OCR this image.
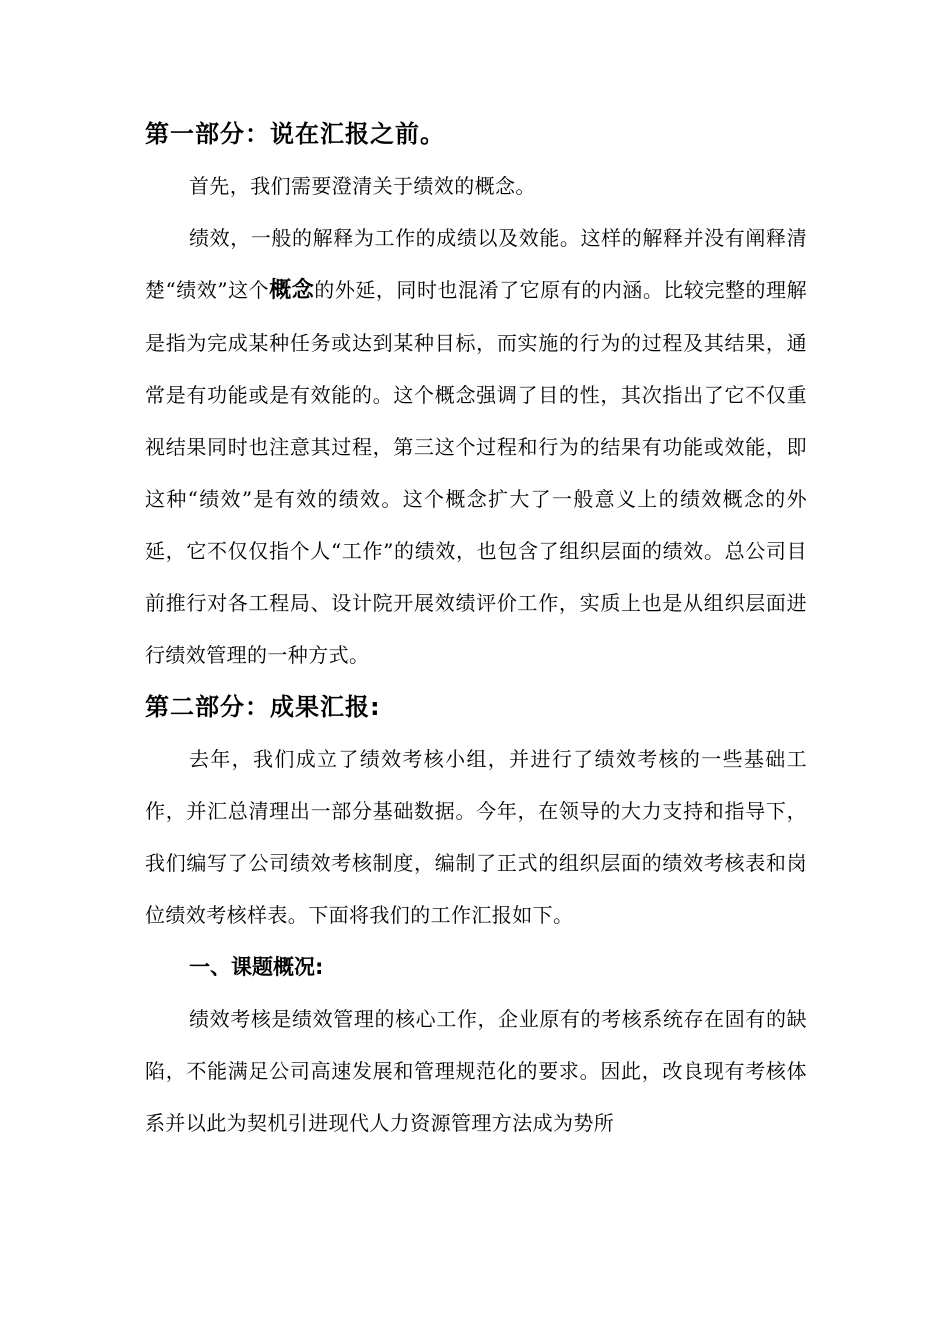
第一部分：说在汇报之前。

首先，我们需要澄清关于绩效的概念。

绩效，一般的解释为工作的成绩以及效能。这样的解释并没有阐释清楚“绩效”这个概念的外延，同时也混淆了它原有的内涵。比较完整的理解是指为完成某种任务或达到某种目标，而实施的行为的过程及其结果，通常是有功能或是有效能的。这个概念强调了目的性，其次指出了它不仅重视结果同时也注意其过程，第三这个过程和行为的结果有功能或效能，即这种“绩效”是有效的绩效。这个概念扩大了一般意义上的绩效概念的外延，它不仅仅指个人“工作”的绩效，也包含了组织层面的绩效。总公司目前推行对各工程局、设计院开展效绩评价工作，实质上也是从组织层面进行绩效管理的一种方式。

第二部分：成果汇报:

去年，我们成立了绩效考核小组，并进行了绩效考核的一些基础工作，并汇总清理出一部分基础数据。今年，在领导的大力支持和指导下，我们编写了公司绩效考核制度，编制了正式的组织层面的绩效考核表和岗位绩效考核样表。下面将我们的工作汇报如下。

一、课题概况:

绩效考核是绩效管理的核心工作，企业原有的考核系统存在固有的缺陷，不能满足公司高速发展和管理规范化的要求。因此，改良现有考核体系并以此为契机引进现代人力资源管理方法成为势所
